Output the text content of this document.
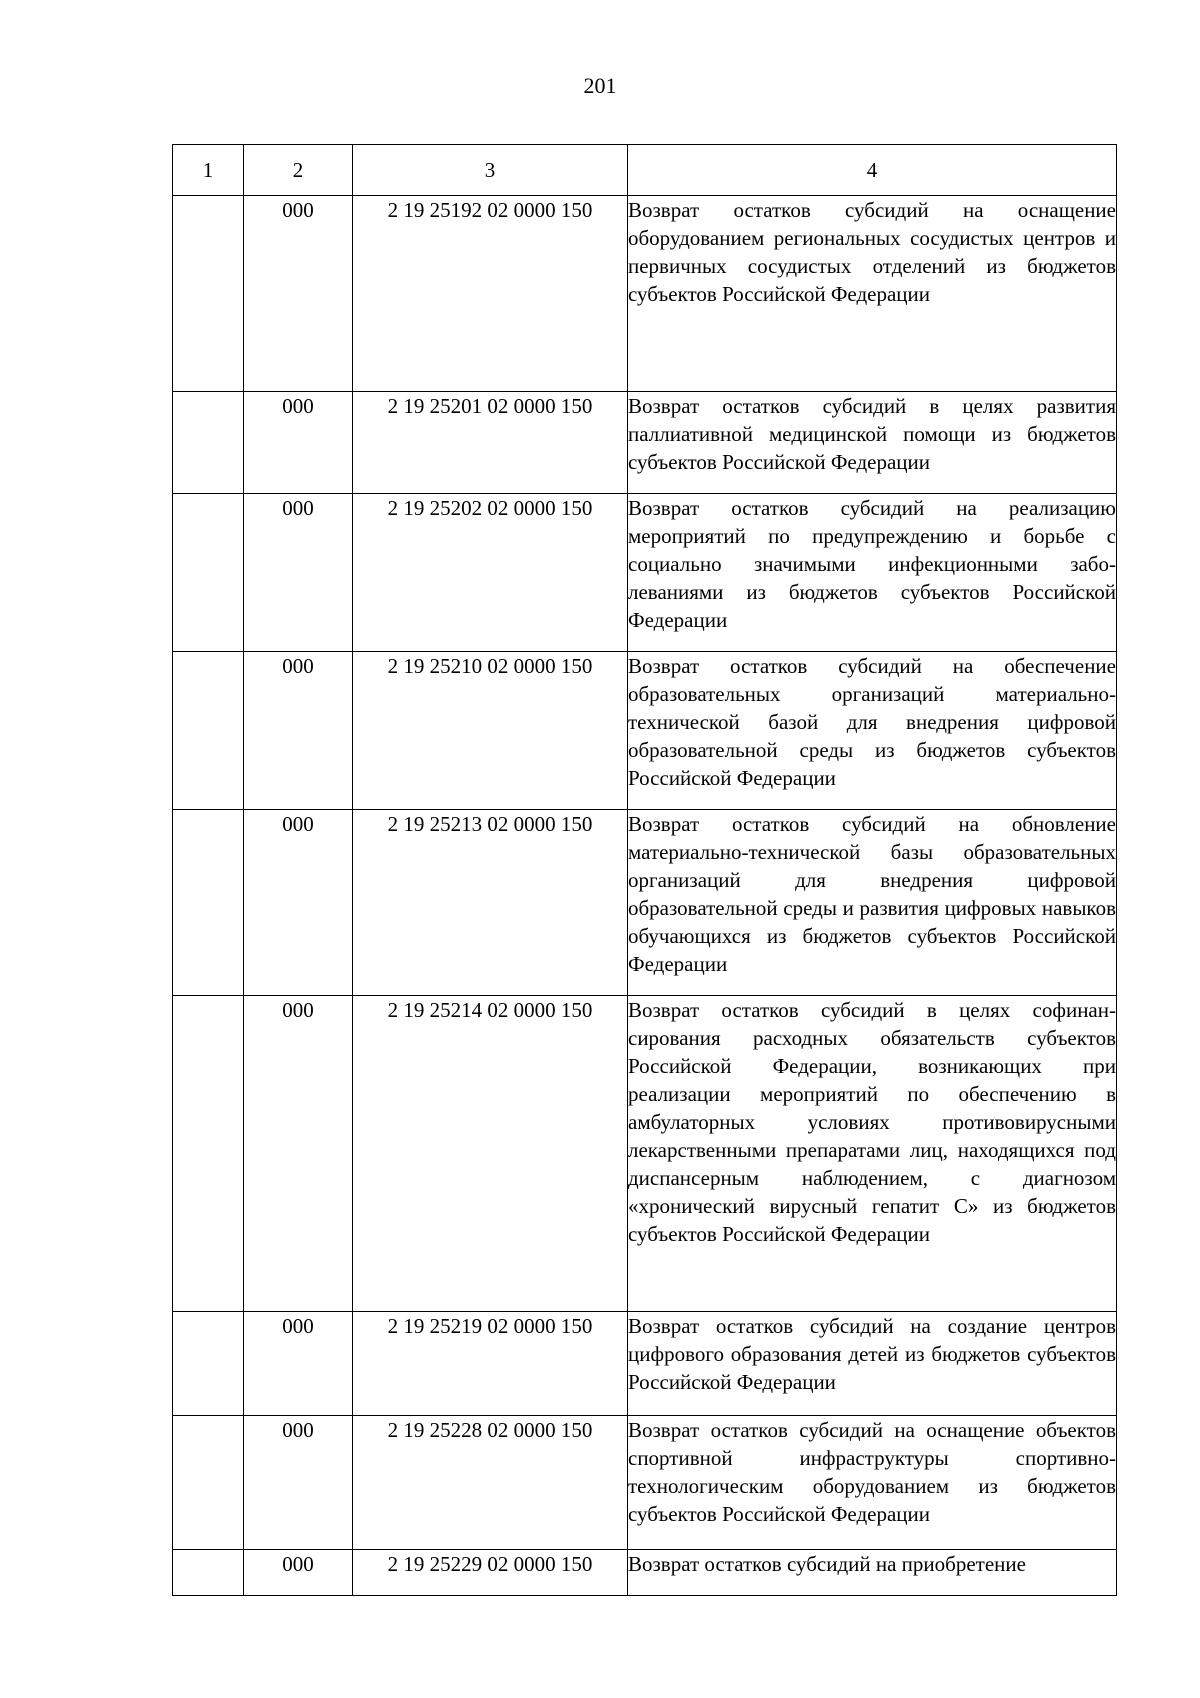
201
1	2	3	4
	000	2 19 25192 02 0000 150	Возврат остатков субсидий на оснащение оборудованием региональных сосудистых центров и первичных сосудистых отделений из бюджетов субъектов Российской Федерации
	000	2 19 25201 02 0000 150	Возврат остатков субсидий в целях развития паллиативной медицинской помощи из бюджетов субъектов Российской Федерации
	000	2 19 25202 02 0000 150	Возврат остатков субсидий на реализацию мероприятий по предупреждению и борьбе с социально значимыми инфекционными заболеваниями из бюджетов субъектов Российской Федерации
	000	2 19 25210 02 0000 150	Возврат остатков субсидий на обеспечение образовательных организаций материально-технической базой для внедрения цифровой образовательной среды из бюджетов субъектов Российской Федерации
	000	2 19 25213 02 0000 150	Возврат остатков субсидий на обновление материально-технической базы образовательных организаций для внедрения цифровой образовательной среды и развития цифровых навыков обучающихся из бюджетов субъектов Российской Федерации
	000	2 19 25214 02 0000 150	Возврат остатков субсидий в целях софинансирования расходных обязательств субъектов Российской Федерации, возникающих при реализации мероприятий по обеспечению в амбулаторных условиях противовирусными лекарственными препаратами лиц, находящихся под диспансерным наблюдением, с диагнозом «хронический вирусный гепатит C» из бюджетов субъектов Российской Федерации
	000	2 19 25219 02 0000 150	Возврат остатков субсидий на создание центров цифрового образования детей из бюджетов субъектов Российской Федерации
	000	2 19 25228 02 0000 150	Возврат остатков субсидий на оснащение объектов спортивной инфраструктуры спортивно-технологическим оборудованием из бюджетов субъектов Российской Федерации
	000	2 19 25229 02 0000 150	Возврат остатков субсидий на приобретение
